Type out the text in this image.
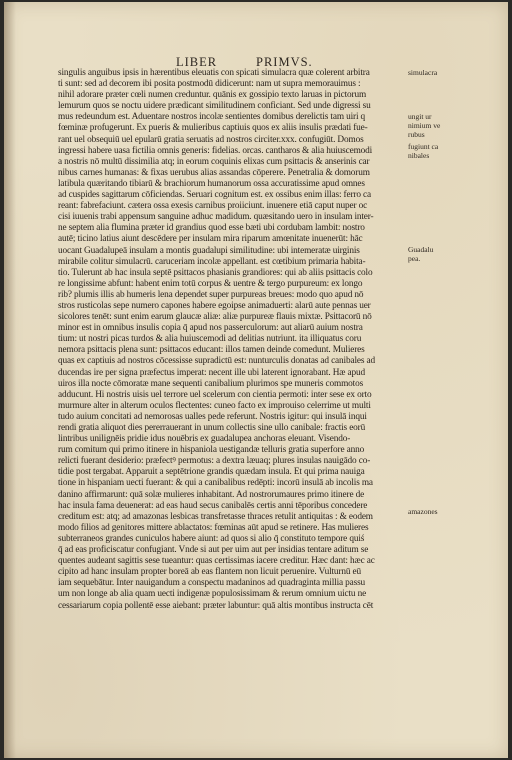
LIBER	PRIMVS.
singulis anguibus ipsis in hærentibus eleuatis con spicati simulacra quæ colerent arbitra
ti sunt: sed ad decorem ibi posita postmodū didicerunt: nam ut supra memorauimus :
nihil adorare præter cœli numen creduntur. quānis ex gossipio texto laruas in pictorum
lemurum quos se noctu uidere prædicant similitudinem conficiant. Sed unde digressi su
mus redeundum est. Aduentare nostros incolæ sentientes domibus derelictis tam uiri q
fœminæ profugerunt. Ex pueris & mulieribus captiuis quos ex aliis insulis prædati fue-
rant uel obsequiū uel epularū gratia seruatis ad nostros circiter.xxx. confugiūt. Domos
ingressi habere uasa fictilia omnis generis: fidelias. orcas. cantharos & alia huiuscemodi
a nostris nō multū dissimilia atq; in eorum coquinis elixas cum psittacis & anserinis car
nibus carnes humanas: & fixas uerubus alias assandas cōperere. Penetralia & domorum
latibula quæritando tibiarū & brachiorum humanorum ossa accuratissime apud omnes
ad cuspides sagittarum cōficiendas. Seruari cognitum est. ex ossibus enim illas: ferro ca
reant: fabrefaciunt. cætera ossa exesis carnibus proiiciunt. inuenere etiā caput nuper oc
cisi iuuenis trabi appensum sanguine adhuc madidum. quæsitando uero in insulam inter-
ne septem alia flumina præter id grandius quod esse bæti ubi cordubam lambit: nostro
autē; ticino latius aiunt descēdere per insulam mira riparum amœnitate inuenerūt: hāc
uocant Guadalupeā insulam a montis guadalupi similitudine: ubi intemeratæ uirginis
mirabile colitur simulacrū. caruceriam incolæ appellant. est cœtibium primaria habita-
tio. Tulerunt ab hac insula septē psittacos phasianis grandiores: qui ab aliis psittacis colo
re longissime abfunt: habent enim totū corpus & uentre & tergo purpureum: ex longo
rib? plumis illis ab humeris lena dependet super purpureas breues: modo quo apud nō
stros rusticolas sepe numero capones habere egoipse animaduerti: alarū aute pennas uer
sicolores tenēt: sunt enim earum glaucæ aliæ: aliæ purpureæ flauis mixtæ. Psittacorū nō
minor est in omnibus insulis copia q̄ apud nos passerculorum: aut aliarū auium nostra
tium: ut nostri picas turdos & alia huiuscemodi ad delitias nutriunt. ita illiquatus coru
nemora psittacis plena sunt: psittacos educant: illos tamen deinde comedunt. Mulieres
quas ex captiuis ad nostros cōcessisse supradictū est: nunturculis donatas ad canibales ad
ducendas ire per signa præfectus imperat: necent ille ubi laterent ignorabant. Hæ apud
uiros illa nocte cōmoratæ mane sequenti canibalium plurimos spe muneris commotos
adducunt. Hi nostris uisis uel terrore uel scelerum con cientia permoti: inter sese ex orto
murmure alter in alterum oculos flectentes: cuneo facto ex improuiso celerrime ut multi
tudo auium concitati ad nemorosas ualles pede referunt. Nostris igitur: qui insulā inqui
rendi gratia aliquot dies pererrauerant in unum collectis sine ullo canibale: fractis eorū
lintribus unilignēis pridie idus nouēbris ex guadalupea anchoras eleuant. Visendo-
rum comitum qui primo itinere in hispaniola uestigandæ telluris gratia superfore anno
relicti fuerant desiderio: præfectꝰ permotus: a dextra læuaq; plures insulas nauigādo co-
tidie post tergabat. Apparuit a septētrione grandis quædam insula. Et qui prima nauiga
tione in hispaniam uecti fuerant: & qui a canibalibus redēpti: incorū insulā ab incolis ma
danino affirmarunt: quā solæ mulieres inhabitant. Ad nostrorumaures primo itinere de
hac insula fama deuenerat: ad eas haud secus canibalēs certis anni tēporibus concedere
creditum est: atq; ad amazonas lesbicas transfretasse thraces retulit antiquitas : & eodem
modo filios ad genitores mittere ablactatos: fœminas aūt apud se retinere. Has mulieres
subterraneos grandes cuniculos habere aiunt: ad quos si alio q̄ constituto tempore quiś
q̄ ad eas proficiscatur confugiant. Vnde si aut per uim aut per insidias tentare aditum se
quentes audeant sagittis sese tueantur: quas certissimas iacere creditur. Hæc dant: hæc ac
cipito ad hanc insulam propter boreā ab eas flantem non licuit peruenire. Vulturnū eū
iam sequebātur. Inter nauigandum a conspectu madaninos ad quadraginta millia passu
um non longe ab alia quam uecti indigenæ populosissimam & rerum omnium uictu ne
cessariarum copia pollentē esse aiebant: præter labuntur: quā altis montibus instructa cēt
simulacra
ungit ur
nimium ve
rubus
fugiunt ca
nibales
Guadalu
pea.
amazones
